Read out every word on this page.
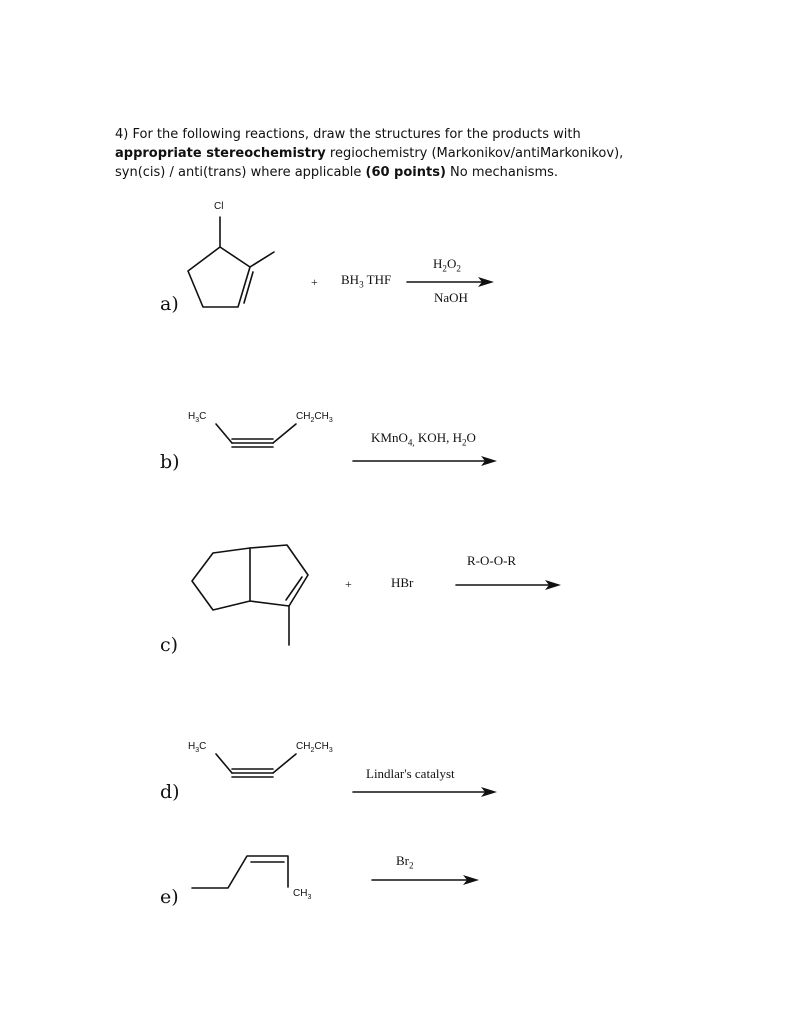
4) For the following reactions, draw the structures for the products with
appropriate stereochemistry regiochemistry (Markonikov/antiMarkonikov),
syn(cis) / anti(trans) where applicable (60 points) No mechanisms.
a)
Cl
+ $BH_3$ THF
$H_2O_2$
NaOH
b)
$H_3C$	$CH_2CH_3$
KMnO$_{4,}$ KOH, $H_2O$
c)
+	HBr
R-O-O-R
d)
$H_3C$	$CH_2CH_3$
Lindlar's catalyst
e)	$CH_3$
$Br_2$
